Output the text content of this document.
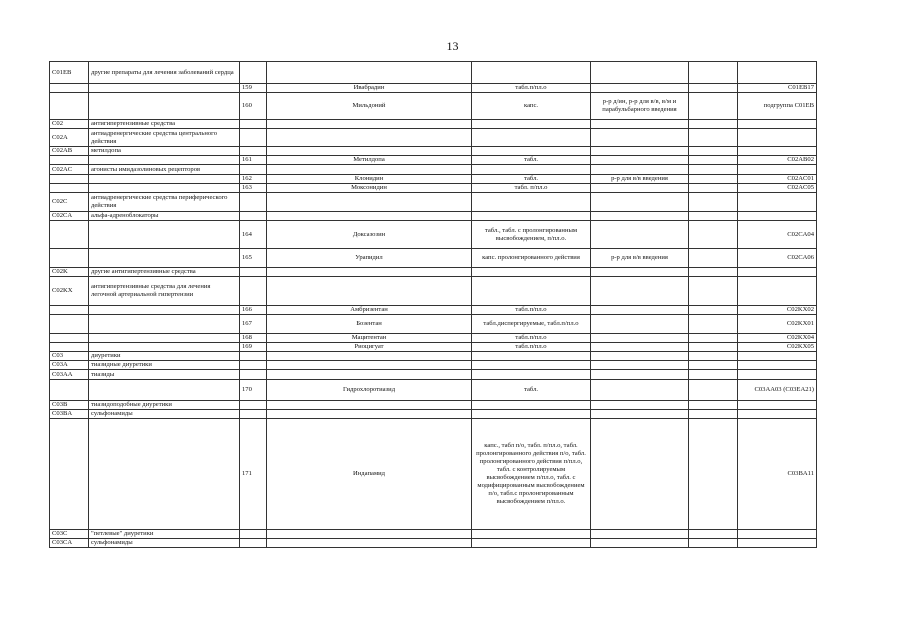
13
C01EB	другие препараты для лечения заболеваний сердца						
		159	Ивабрадин	табл.п/пл.о			C01EB17
		160	Мильдоний	капс.	р-р д/ин, р-р для в/в, в/м и парабульбарного введения		подгруппа C01EB
C02	антигипертензивные средства						
C02A	антиадренергические средства центрального действия						
C02AB	метилдопа						
		161	Метилдопа	табл.			C02AB02
C02AC	агонисты имидазолиновых рецепторов						
		162	Клонидин	табл.	р-р для в/в введения		C02AC01
		163	Моксонидин	табл. п/пл.о			C02AC05
C02C	антиадренергические средства периферического действия						
C02CA	альфа-адреноблокаторы						
		164	Доксазозин	табл., табл. с пролонгированным высвобождением, п/пл.о.			C02CA04
		165	Урапидил	капс. пролонгированного действия	р-р для в/в введения		C02CA06
C02K	другие антигипертензивные средства						
C02KX	антигипертензивные средства для лечения легочной артериальной гипертензии						
		166	Амбризентан	табл.п/пл.о			C02KX02
		167	Бозентан	табл.диспергируемые, табл.п/пл.о			C02KX01
		168	Мацитентан	табл.п/пл.о			C02KX04
		169	Риоцигуат	табл.п/пл.о			C02KX05
C03	диуретики						
C03A	тиазидные диуретики						
C03AA	тиазиды						
		170	Гидрохлоротиазид	табл.			C03AA03 (C03EA21)
C03B	тиазидоподобные диуретики						
C03BA	сульфонамиды						
		171	Индапамид	капс., табл п/о, табл. п/пл.о, табл. пролонгированного действия п/о, табл. пролонгированного действия п/пл.о, табл. с контролируемым высвобождением п/пл.о, табл. с модифицированным высвобождением п/о, табл.с пролонгированным высвобождением п/пл.о.			C03BA11
C03C	"петлевые" диуретики						
C03CA	сульфонамиды						
